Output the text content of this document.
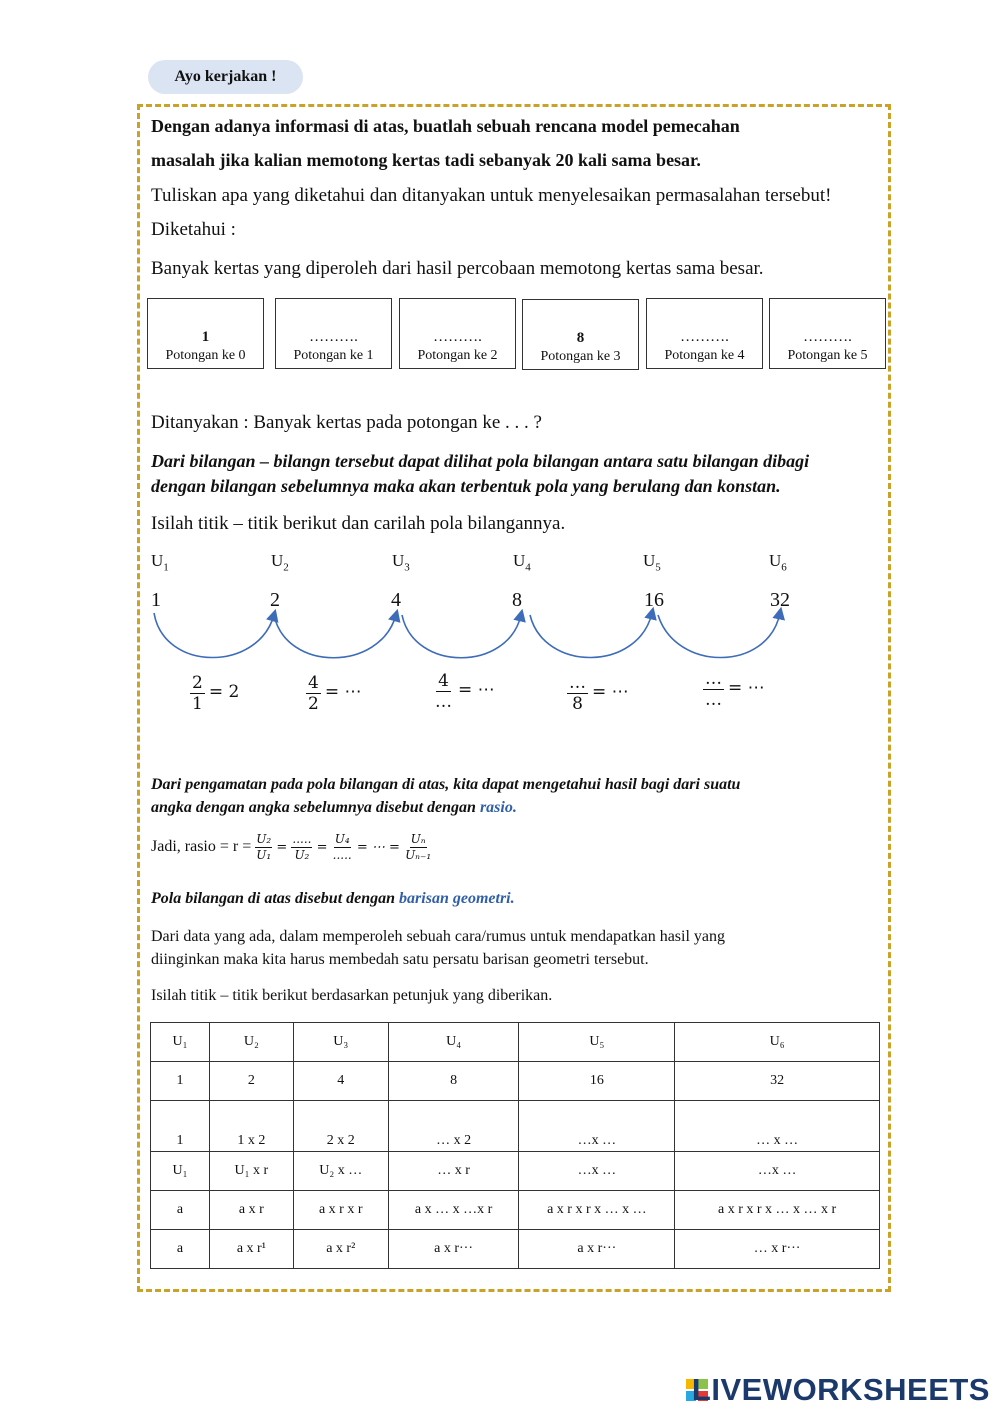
Ayo kerjakan !
Dengan adanya informasi di atas, buatlah sebuah rencana model pemecahan
masalah jika kalian memotong kertas tadi sebanyak 20 kali sama besar.
Tuliskan apa yang diketahui dan ditanyakan untuk menyelesaikan permasalahan tersebut!
Diketahui :
Banyak kertas yang diperoleh dari hasil percobaan memotong kertas sama besar.
1
Potongan ke 0
……….
Potongan ke 1
……….
Potongan ke 2
8
Potongan ke 3
……….
Potongan ke 4
……….
Potongan ke 5
Ditanyakan : Banyak kertas pada potongan ke . . . ?
Dari bilangan – bilangn tersebut dapat dilihat pola bilangan antara satu bilangan dibagi
dengan bilangan sebelumnya maka akan terbentuk pola yang berulang dan konstan.
Isilah titik – titik berikut dan carilah pola bilangannya.
$U_1$	$U_2$	$U_3$	$U_4$	$U_5$	$U_6$
1	2	4	8	16	32
$\frac{2}{1} = 2$	$\frac{4}{2}$ = ⋯	$\frac{4}{\dots}$ = ⋯	$\frac{\dots}{8}$ = ⋯	$\frac{\dots}{\dots}$ = ⋯
Dari pengamatan pada pola bilangan di atas, kita dapat mengetahui hasil bagi dari suatu
angka dengan angka sebelumnya disebut dengan rasio.
Jadi, rasio = $r = \frac{\text{U₂}}{\text{U₁}}$ =
.....
U₂ =
U₄
..... = ⋯ = $\frac{\text{Uₙ}}{\text{Uₙ₋₁}}$
Pola bilangan di atas disebut dengan barisan geometri.
Dari data yang ada, dalam memperoleh sebuah cara/rumus untuk mendapatkan hasil yang
diinginkan maka kita harus membedah satu persatu barisan geometri tersebut.
Isilah titik – titik berikut berdasarkan petunjuk yang diberikan.
U₁	U₂	U₃	U₄	U₅	U₆
1	2	4	8	16	32
1	1 x 2	2 x 2	… x 2	…x …	… x …
U₁	U₁ x r	U₂ x …	… x r	…x …	…x …
a	a x r	a x r x r	a x … x …x r	a x r x r x … x …	a x r x r x … x … x r
a	a x r¹	a x r²	a x r···	a x r···	… x r···
LIVEWORKSHEETS
